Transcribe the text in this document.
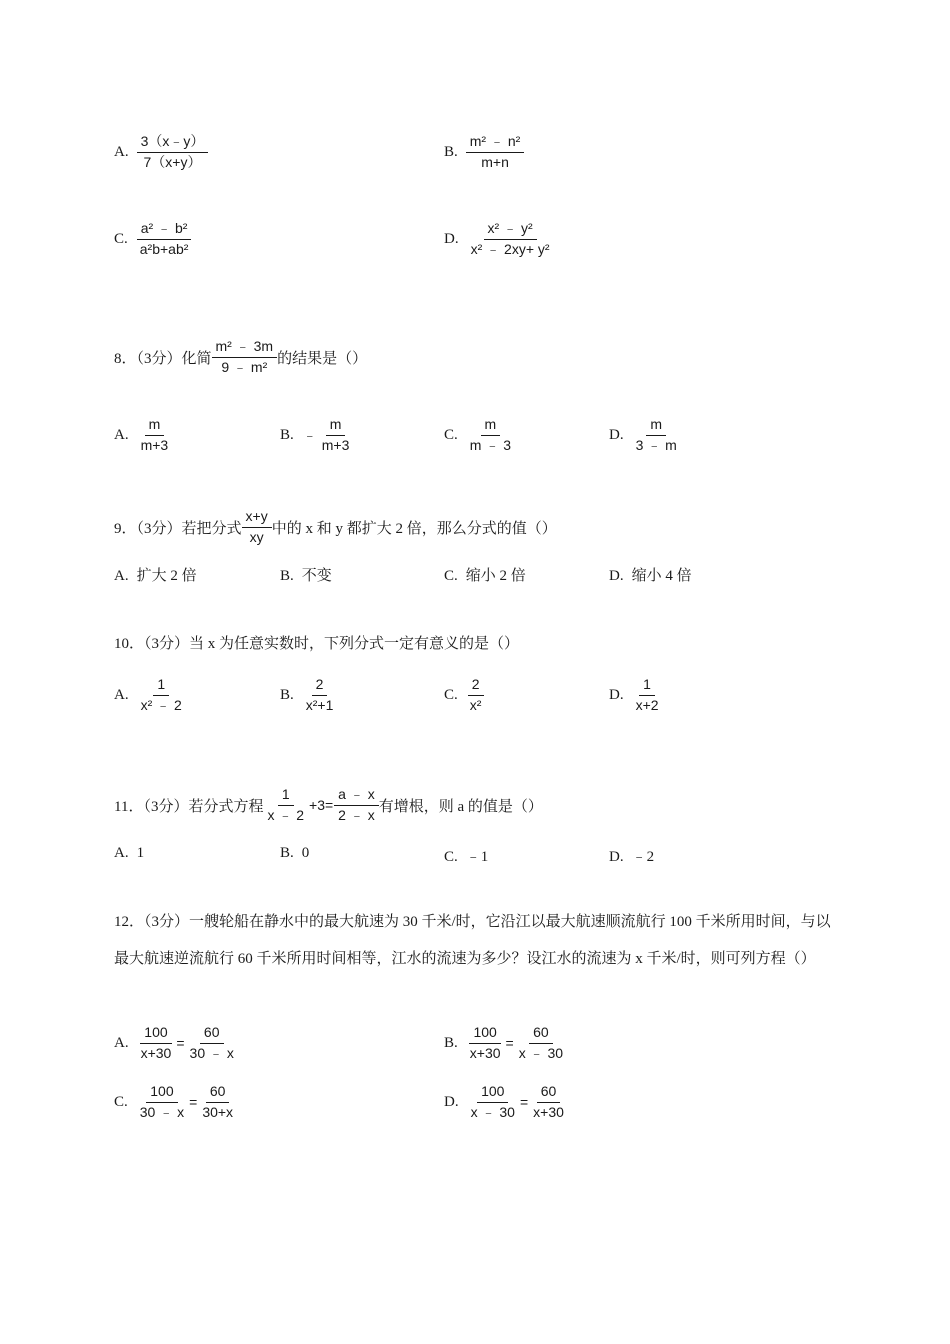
A. $\frac{3(x﹣y)}{7(x+y)}$	B. $\frac{\text{m² ﹣ n²}}{m+n}$
C. $\frac{\text{a² ﹣ b²}}{\text{a²b+ab²}}$	D. $\frac{\text{x² ﹣ y²}}{\text{x² ﹣ 2xy+ y²}}$
8．（3分）化简 $\frac{\text{m² ﹣ 3m}}{\text{9 ﹣ m²}}$ 的结果是（）
A. $\frac{m}{m+3}$	B. ﹣ $\frac{m}{m+3}$	C. $\frac{m}{m ﹣ 3}$	D. $\frac{m}{3 ﹣ m}$
9．（3分）若把分式 $\frac{x+y}{xy}$ 中的 x 和 y 都扩大 2 倍，那么分式的值（）
A. 扩大 2 倍	B. 不变	C. 缩小 2 倍	D. 缩小 4 倍
10．（3分）当 x 为任意实数时，下列分式一定有意义的是（）
A. $\frac{1}{\text{x² ﹣ 2}}$	B. $\frac{2}{\text{x²+1}}$	C. $\frac{2}{\text{x²}}$	D. $\frac{1}{x+2}$
11．（3分）若分式方程 $\frac{1}{x ﹣ 2} +3= \frac{a ﹣ x}{2 ﹣ x}$ 有增根，则 a 的值是（）
A. 1	B. 0	C. ﹣1	D. ﹣2
12．（3分）一艘轮船在静水中的最大航速为 30 千米/时，它沿江以最大航速顺流航行 100 千米所用时间，与以最大航速逆流航行 60 千米所用时间相等，江水的流速为多少？设江水的流速为 x 千米/时，则可列方程（）
A. $\frac{100}{x+30} = \frac{60}{30 ﹣ x}$	B. $\frac{100}{x+30} = \frac{60}{x ﹣ 30}$
C. $\frac{100}{30 ﹣ x} = \frac{60}{30+x}$	D. $\frac{100}{x ﹣ 30} = \frac{60}{x+30}$
